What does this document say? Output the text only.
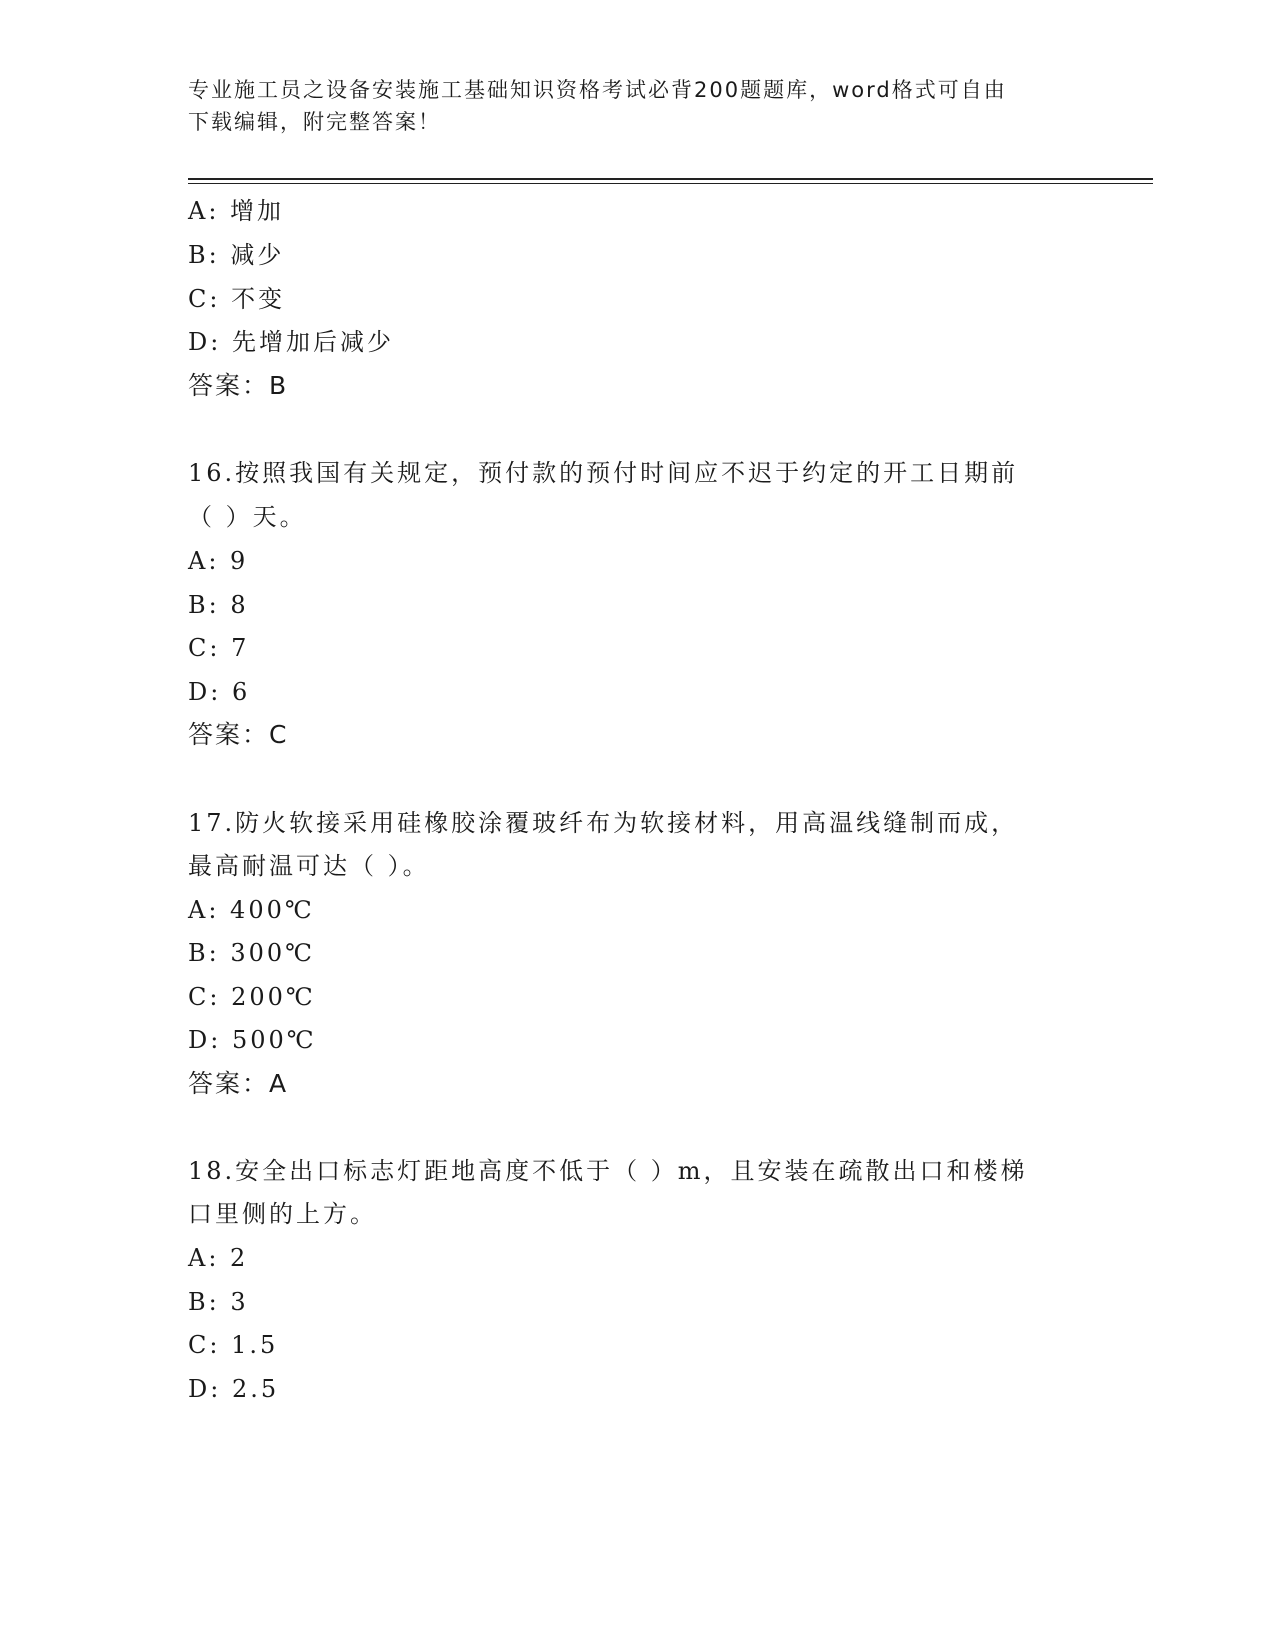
专业施工员之设备安装施工基础知识资格考试必背200题题库，word格式可自由
下载编辑，附完整答案！
A: 增加
B: 减少
C: 不变
D: 先增加后减少
答案：B
16.按照我国有关规定，预付款的预付时间应不迟于约定的开工日期前
（ ）天。
A: 9
B: 8
C: 7
D: 6
答案：C
17.防火软接采用硅橡胶涂覆玻纤布为软接材料，用高温线缝制而成，
最高耐温可达（ ）。
A: 400℃
B: 300℃
C: 200℃
D: 500℃
答案：A
18.安全出口标志灯距地高度不低于（ ）m，且安装在疏散出口和楼梯
口里侧的上方。
A: 2
B: 3
C: 1.5
D: 2.5
